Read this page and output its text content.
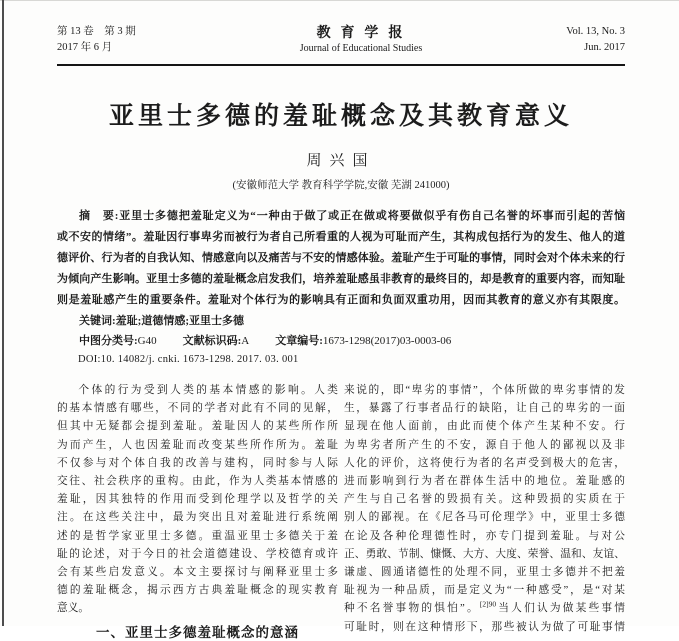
第 13 卷　第 3 期
2017 年 6 月
教 育 学 报
Journal of Educational Studies
Vol. 13, No. 3
Jun. 2017
亚里士多德的羞耻概念及其教育意义
周兴国
(安徽师范大学 教育科学学院,安徽 芜湖 241000)
摘　要:亚里士多德把羞耻定义为“一种由于做了或正在做或将要做似乎有伤自己名誉的坏事而引起的苦恼
或不安的情绪”。羞耻因行事卑劣而被行为者自己所看重的人视为可耻而产生，其构成包括行为的发生、他人的道
德评价、行为者的自我认知、情感意向以及痛苦与不安的情感体验。羞耻产生于可耻的事情，同时会对个体未来的行
为倾向产生影响。亚里士多德的羞耻概念启发我们，培养羞耻感虽非教育的最终目的，却是教育的重要内容，而知耻
则是羞耻感产生的重要条件。羞耻对个体行为的影响具有正面和负面双重功用，因而其教育的意义亦有其限度。
关键词:羞耻;道德情感;亚里士多德
中图分类号:G40 文献标识码:A 文章编号:1673-1298(2017)03-0003-06
DOI:10. 14082/j. cnki. 1673-1298. 2017. 03. 001
个体的行为受到人类的基本情感的影响。人类
的基本情感有哪些，不同的学者对此有不同的见解，
但其中无疑都会提到羞耻。羞耻因人的某些所作所
为而产生，人也因羞耻而改变某些所作所为。羞耻
不仅参与对个体自我的改善与建构，同时参与人际
交往、社会秩序的重构。由此，作为人类基本情感的
羞耻，因其独特的作用而受到伦理学以及哲学的关
注。在这些关注中，最为突出且对羞耻进行系统阐
述的是哲学家亚里士多德。重温亚里士多德关于羞
耻的论述，对于今日的社会道德建设、学校德育或许
会有某些启发意义。本文主要探讨与阐释亚里士多
德的羞耻概念，揭示西方古典羞耻概念的现实教育
意义。
一、亚里士多德羞耻概念的意涵
来说的，即“卑劣的事情”，个体所做的卑劣事情的发
生，暴露了行事者品行的缺陷，让自己的卑劣的一面
显现在他人面前，由此而使个体产生某种不安。行
为卑劣者所产生的不安，源自于他人的鄙视以及非
人化的评价，这将使行为者的名声受到极大的危害，
进而影响到行为者在群体生活中的地位。羞耻感的
产生与自己名誉的毁损有关。这种毁损的实质在于
别人的鄙视。在《尼各马可伦理学》中，亚里士多德
在论及各种伦理德性时，亦专门提到羞耻。与对公
正、勇敢、节制、慷慨、大方、大度、荣誉、温和、友谊、
谦虚、圆通诸德性的处理不同，亚里士多德并不把羞
耻视为一种品质，而是定义为“一种感受”，是“对某
种不名誉事物的惧怕”。$^{[2]90}$当人们认为做某些事情
可耻时，则在这种情形下，那些被认为做了可耻事情
